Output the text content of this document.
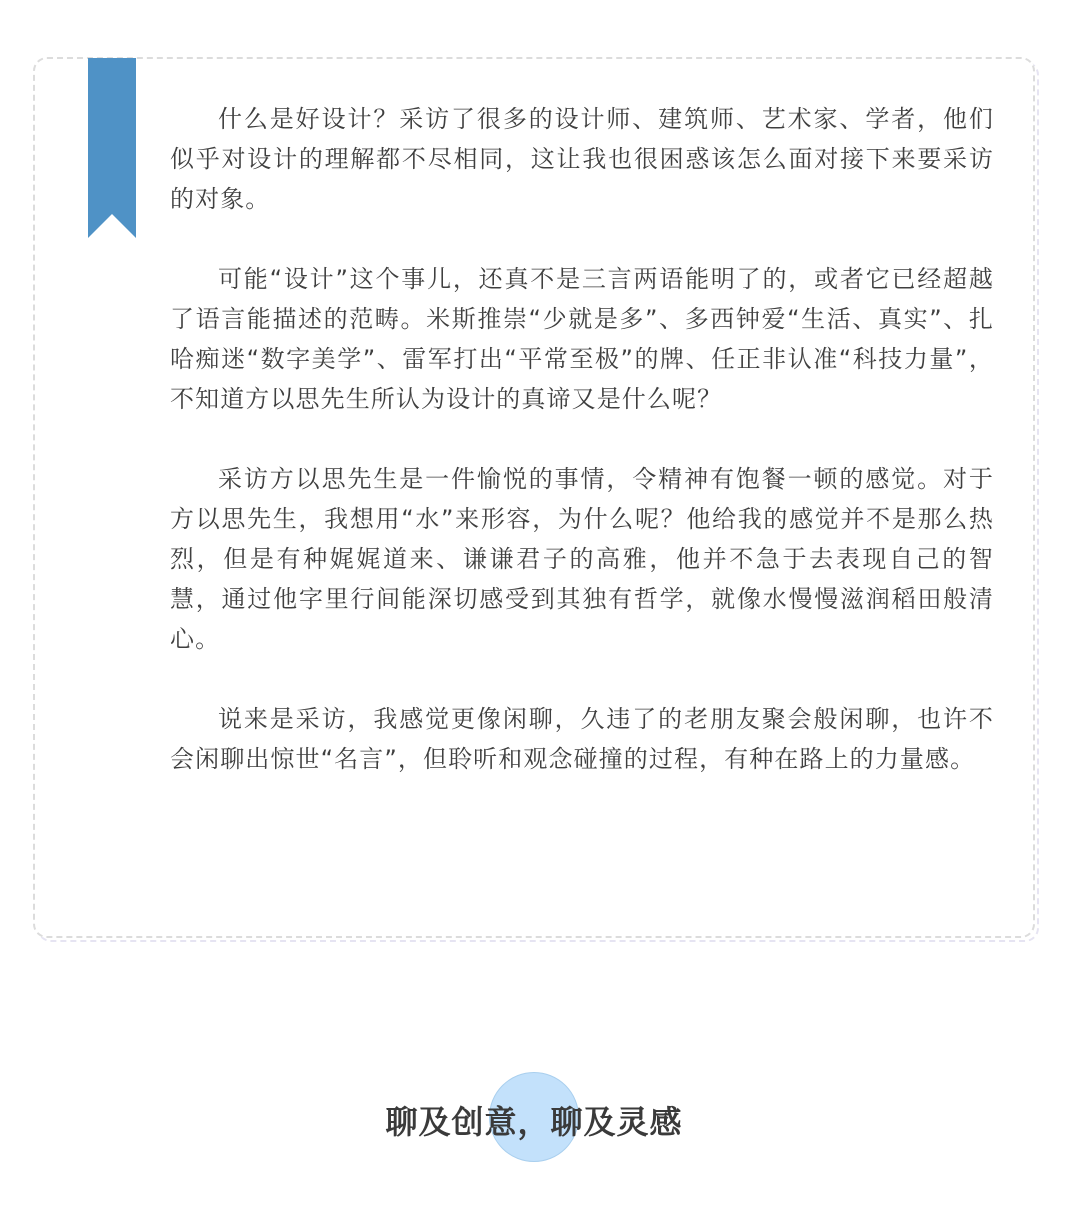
什么是好设计？采访了很多的设计师、建筑师、艺术家、学者，他们似乎对设计的理解都不尽相同，这让我也很困惑该怎么面对接下来要采访的对象。

可能“设计”这个事儿，还真不是三言两语能明了的，或者它已经超越了语言能描述的范畴。米斯推崇“少就是多”、多西钟爱“生活、真实”、扎哈痴迷“数字美学”、雷军打出“平常至极”的牌、任正非认准“科技力量”，不知道方以思先生所认为设计的真谛又是什么呢？

采访方以思先生是一件愉悦的事情，令精神有饱餐一顿的感觉。对于方以思先生，我想用“水”来形容，为什么呢？他给我的感觉并不是那么热烈，但是有种娓娓道来、谦谦君子的高雅，他并不急于去表现自己的智慧，通过他字里行间能深切感受到其独有哲学，就像水慢慢滋润稻田般清心。

说来是采访，我感觉更像闲聊，久违了的老朋友聚会般闲聊，也许不会闲聊出惊世“名言”，但聆听和观念碰撞的过程，有种在路上的力量感。

聊及创意，聊及灵感
